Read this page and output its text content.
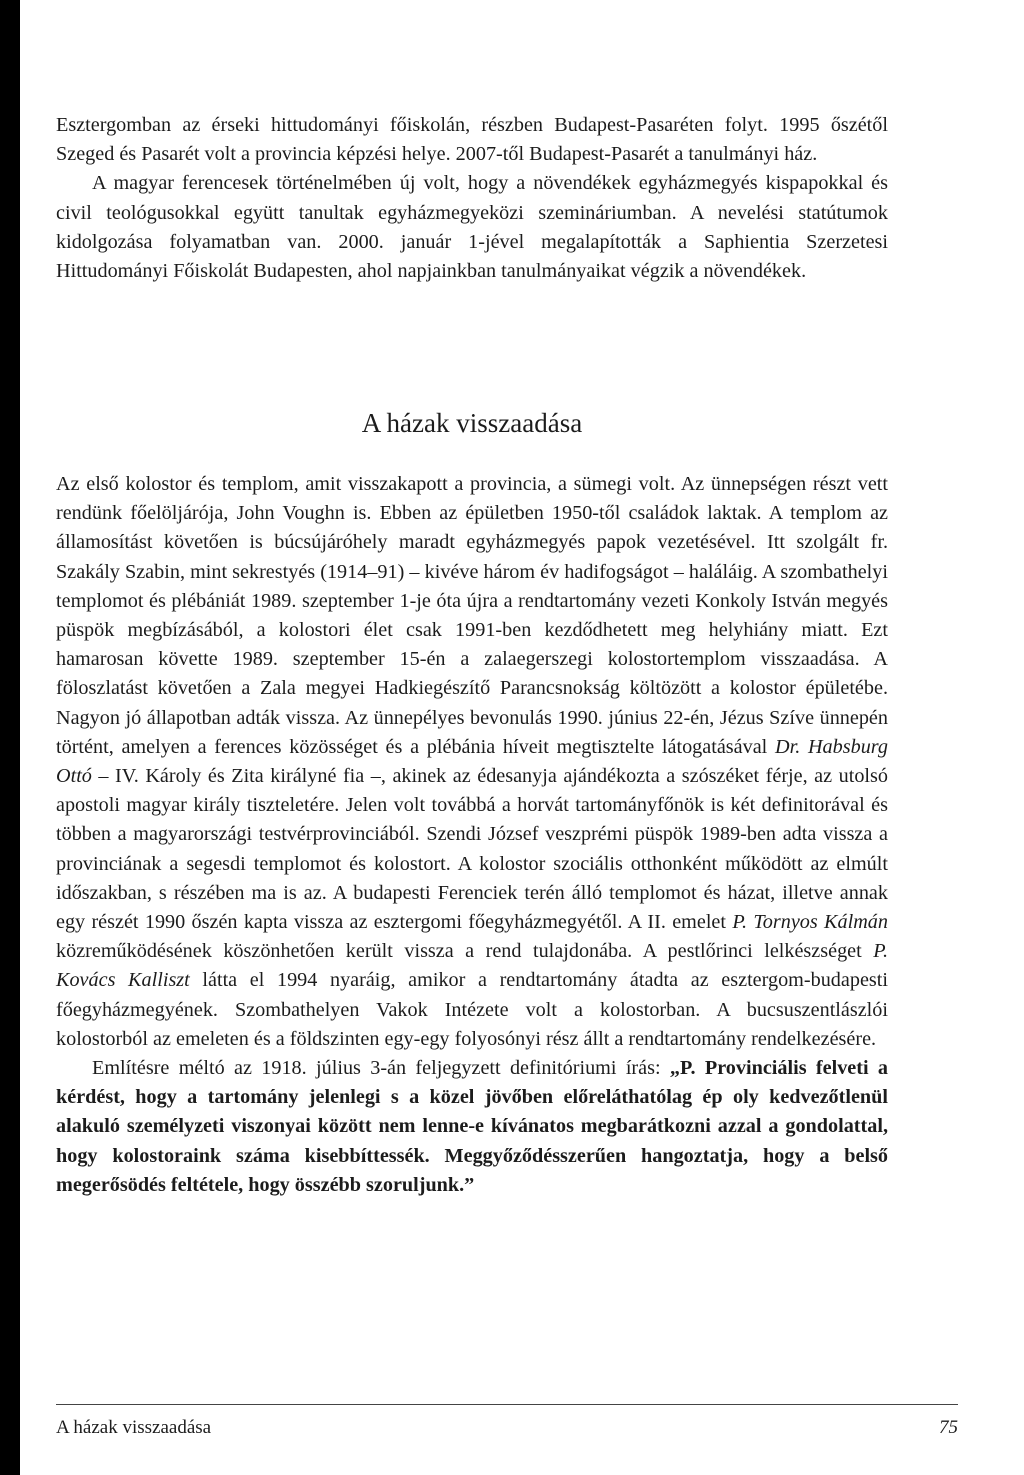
Esztergomban az érseki hittudományi főiskolán, részben Budapest-Pasaréten folyt. 1995 őszétől Szeged és Pasarét volt a provincia képzési helye. 2007-től Budapest-Pasarét a tanulmányi ház.

A magyar ferencesek történelmében új volt, hogy a növendékek egyházmegyés kispapokkal és civil teológusokkal együtt tanultak egyházmegyeközi szemináriumban. A nevelési statútumok kidolgozása folyamatban van. 2000. január 1-jével megalapították a Saphientia Szerzetesi Hittudományi Főiskolát Budapesten, ahol napjainkban tanulmányaikat végzik a növendékek.

A házak visszaadása

Az első kolostor és templom, amit visszakapott a provincia, a sümegi volt. Az ünnepségen részt vett rendünk főelöljárója, John Voughn is. Ebben az épületben 1950-től családok laktak. A templom az államosítást követően is búcsújáróhely maradt egyházmegyés papok vezetésével. Itt szolgált fr. Szakály Szabin, mint sekrestyés (1914–91) – kivéve három év hadifogságot – haláláig. A szombathelyi templomot és plébániát 1989. szeptember 1-je óta újra a rendtartomány vezeti Konkoly István megyés püspök megbízásából, a kolostori élet csak 1991-ben kezdődhetett meg helyhiány miatt. Ezt hamarosan követte 1989. szeptember 15-én a zalaegerszegi kolostortemplom visszaadása. A föloszlatást követően a Zala megyei Hadkiegészítő Parancsnokság költözött a kolostor épületébe. Nagyon jó állapotban adták vissza. Az ünnepélyes bevonulás 1990. június 22-én, Jézus Szíve ünnepén történt, amelyen a ferences közösséget és a plébánia híveit megtisztelte látogatásával Dr. Habsburg Ottó – IV. Károly és Zita királyné fia –, akinek az édesanyja ajándékozta a szószéket férje, az utolsó apostoli magyar király tiszteletére. Jelen volt továbbá a horvát tartományfőnök is két definitorával és többen a magyarországi testvérprovinciából. Szendi József veszprémi püspök 1989-ben adta vissza a provinciának a segesdi templomot és kolostort. A kolostor szociális otthonként működött az elmúlt időszakban, s részében ma is az. A budapesti Ferenciek terén álló templomot és házat, illetve annak egy részét 1990 őszén kapta vissza az esztergomi főegyházmegyétől. A II. emelet P. Tornyos Kálmán közreműködésének köszönhetően került vissza a rend tulajdonába. A pestlőrinci lelkészséget P. Kovács Kalliszt látta el 1994 nyaráig, amikor a rendtartomány átadta az esztergom-budapesti főegyházmegyének. Szombathelyen Vakok Intézete volt a kolostorban. A bucsuszentlászlói kolostorból az emeleten és a földszinten egy-egy folyosónyi rész állt a rendtartomány rendelkezésére.

Említésre méltó az 1918. július 3-án feljegyzett definitóriumi írás: „P. Provinciális felveti a kérdést, hogy a tartomány jelenlegi s a közel jövőben előreláthatólag ép oly kedvezőtlenül alakuló személyzeti viszonyai között nem lenne-e kívánatos megbarátkozni azzal a gondolattal, hogy kolostoraink száma kisebbíttessék. Meggyőződésszerűen hangoztatja, hogy a belső megerősödés feltétele, hogy összébb szoruljunk.”

A házak visszaadása	75
